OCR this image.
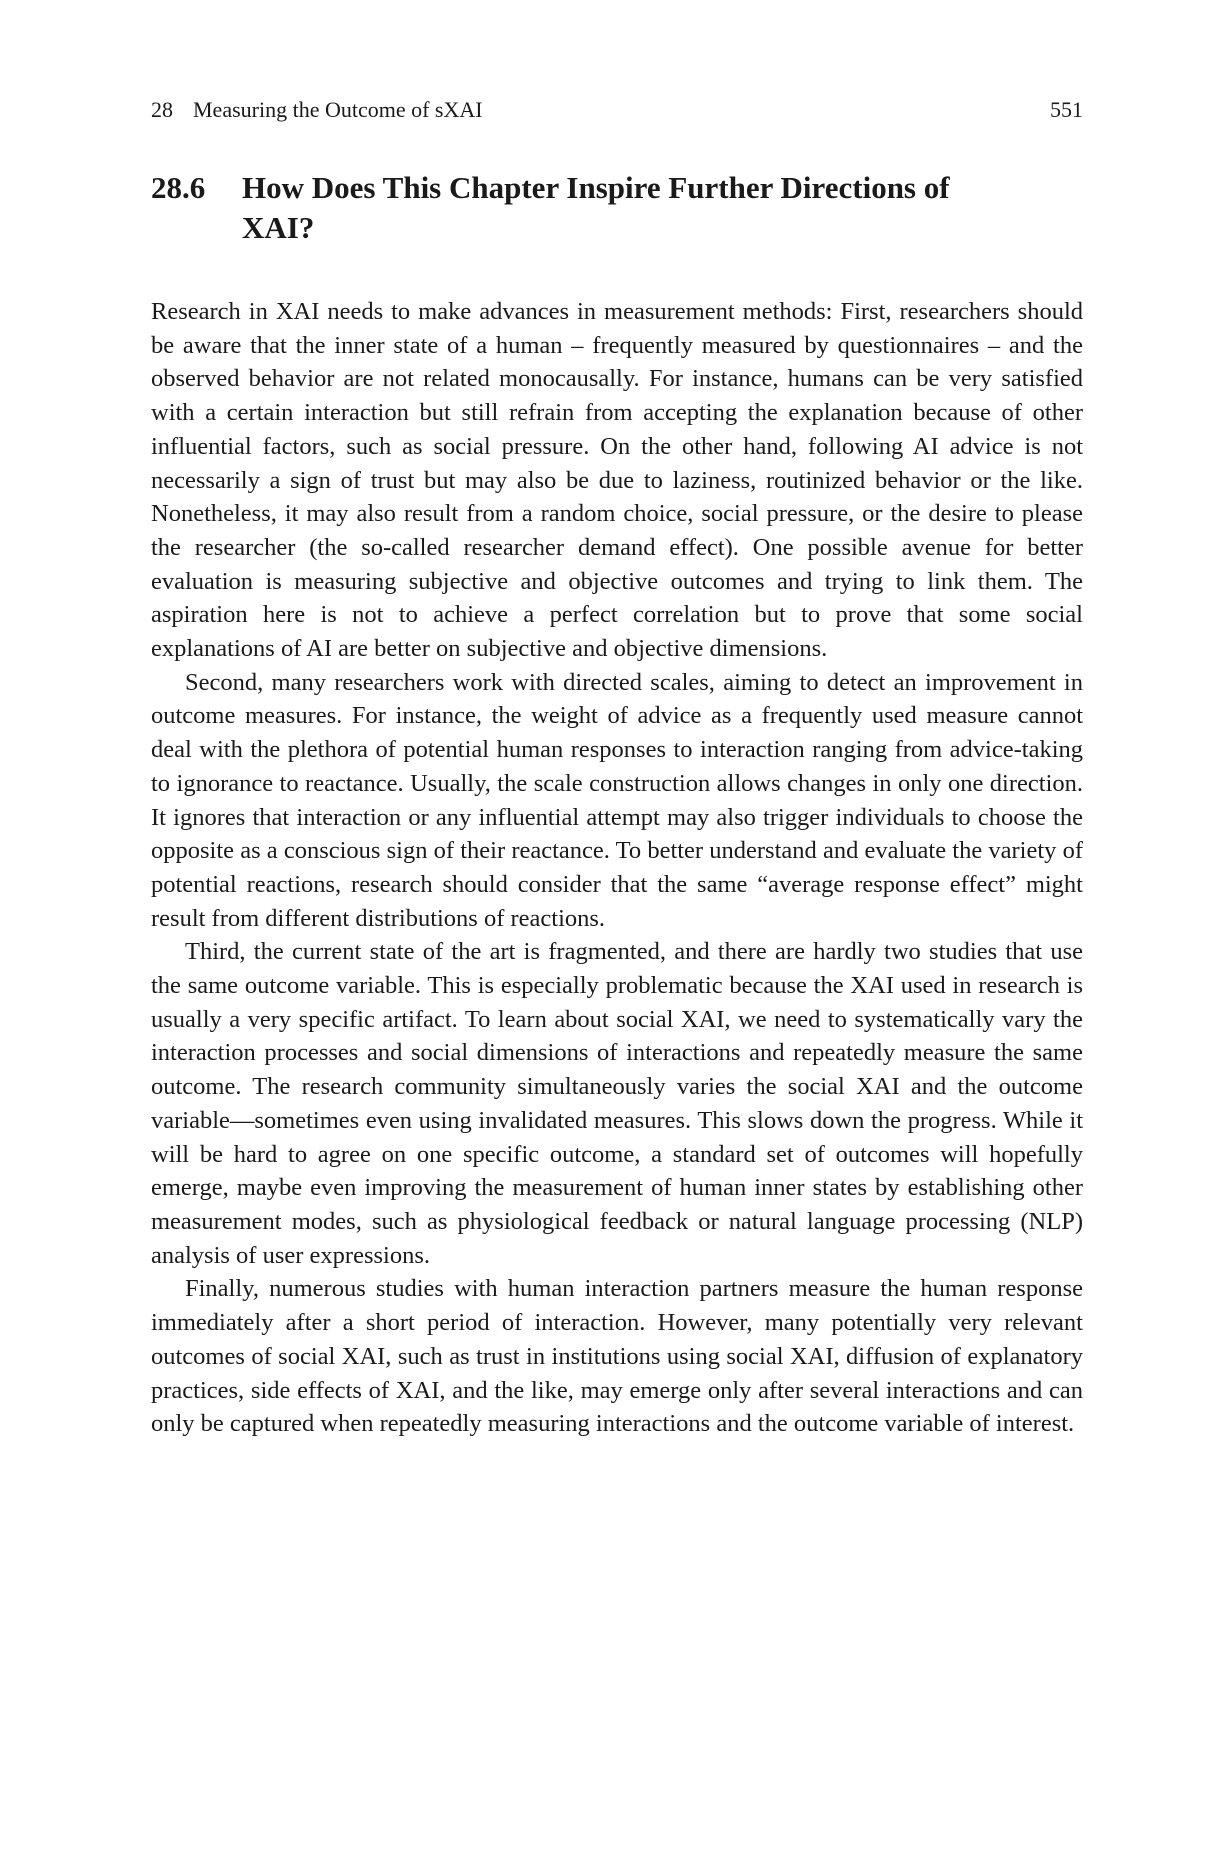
28 Measuring the Outcome of sXAI	551
28.6	How Does This Chapter Inspire Further Directions of XAI?

Research in XAI needs to make advances in measurement methods: First, researchers should be aware that the inner state of a human – frequently measured by questionnaires – and the observed behavior are not related monocausally. For instance, humans can be very satisfied with a certain interaction but still refrain from accepting the explanation because of other influential factors, such as social pressure. On the other hand, following AI advice is not necessarily a sign of trust but may also be due to laziness, routinized behavior or the like. Nonetheless, it may also result from a random choice, social pressure, or the desire to please the researcher (the so-called researcher demand effect). One possible avenue for better evaluation is measuring subjective and objective outcomes and trying to link them. The aspiration here is not to achieve a perfect correlation but to prove that some social explanations of AI are better on subjective and objective dimensions.

Second, many researchers work with directed scales, aiming to detect an improvement in outcome measures. For instance, the weight of advice as a frequently used measure cannot deal with the plethora of potential human responses to interaction ranging from advice-taking to ignorance to reactance. Usually, the scale construction allows changes in only one direction. It ignores that interaction or any influential attempt may also trigger individuals to choose the opposite as a conscious sign of their reactance. To better understand and evaluate the variety of potential reactions, research should consider that the same “average response effect” might result from different distributions of reactions.

Third, the current state of the art is fragmented, and there are hardly two studies that use the same outcome variable. This is especially problematic because the XAI used in research is usually a very specific artifact. To learn about social XAI, we need to systematically vary the interaction processes and social dimensions of interactions and repeatedly measure the same outcome. The research community simultaneously varies the social XAI and the outcome variable—sometimes even using invalidated measures. This slows down the progress. While it will be hard to agree on one specific outcome, a standard set of outcomes will hopefully emerge, maybe even improving the measurement of human inner states by establishing other measurement modes, such as physiological feedback or natural language processing (NLP) analysis of user expressions.

Finally, numerous studies with human interaction partners measure the human response immediately after a short period of interaction. However, many potentially very relevant outcomes of social XAI, such as trust in institutions using social XAI, diffusion of explanatory practices, side effects of XAI, and the like, may emerge only after several interactions and can only be captured when repeatedly measuring interactions and the outcome variable of interest.
